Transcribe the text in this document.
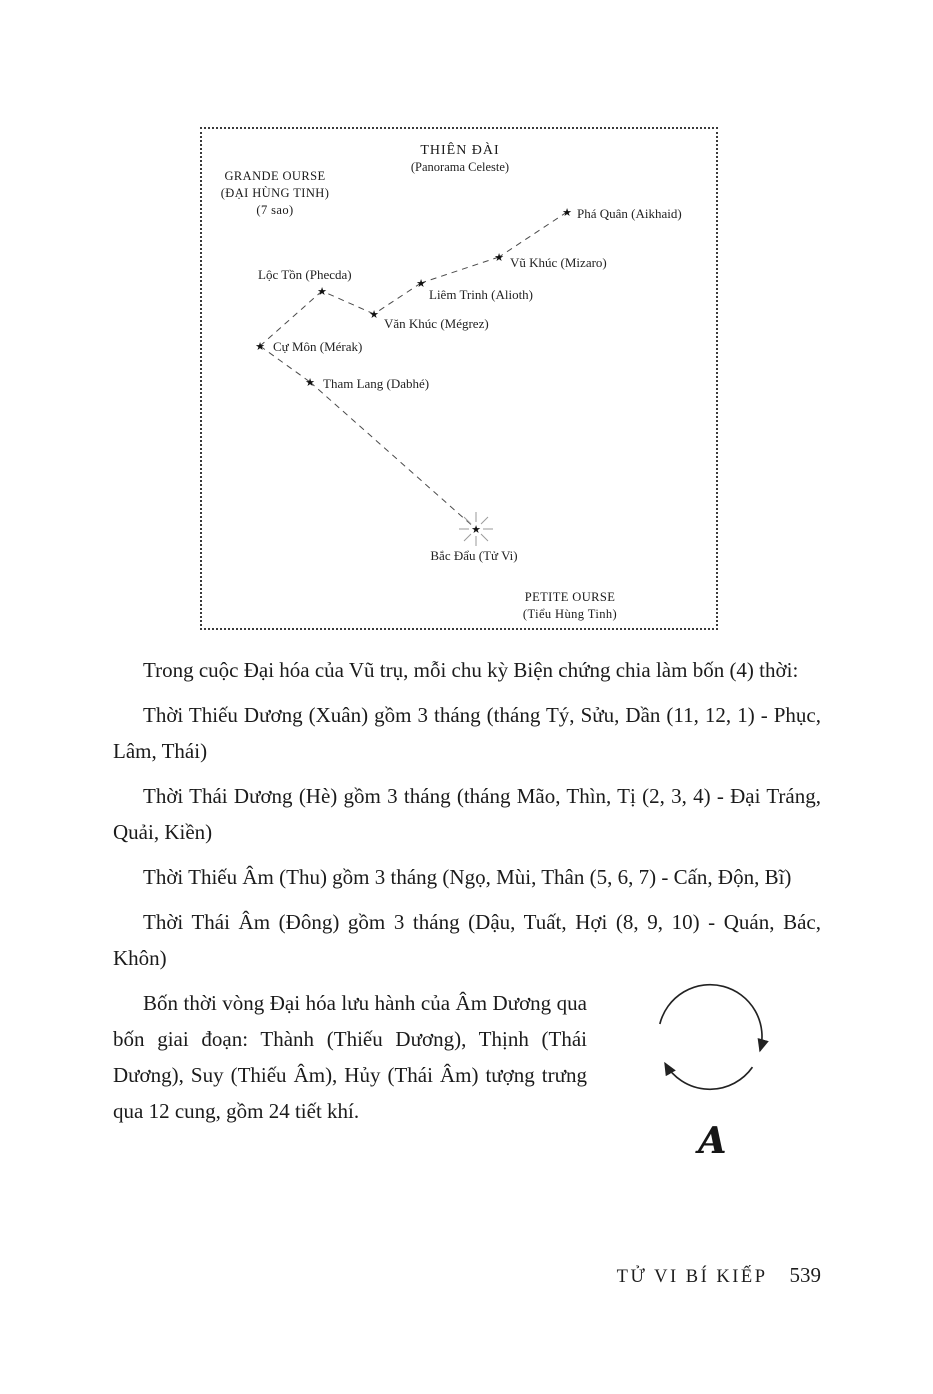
THIÊN ĐÀI
(Panorama Celeste)
GRANDE OURSE
(ĐẠI HÙNG TINH)
(7 sao)
PETITE OURSE
(Tiểu Hùng Tinh)
★
★
★
★
★
★
★
★
Phá Quân (Aikhaid)
Vũ Khúc (Mizaro)
Liêm Trinh (Alioth)
Lộc Tồn (Phecda)
Văn Khúc (Mégrez)
Cự Môn (Mérak)
Tham Lang (Dabhé)
Bắc Đẩu (Tử Vi)

Trong cuộc Đại hóa của Vũ trụ, mỗi chu kỳ Biện chứng chia làm bốn (4) thời:

Thời Thiếu Dương (Xuân) gồm 3 tháng (tháng Tý, Sửu, Dần (11, 12, 1) - Phục, Lâm, Thái)

Thời Thái Dương (Hè) gồm 3 tháng (tháng Mão, Thìn, Tị (2, 3, 4) - Đại Tráng, Quải, Kiền)

Thời Thiếu Âm (Thu) gồm 3 tháng (Ngọ, Mùi, Thân (5, 6, 7) - Cấn, Độn, Bĩ)

Thời Thái Âm (Đông) gồm 3 tháng (Dậu, Tuất, Hợi (8, 9, 10) - Quán, Bác, Khôn)

A

Bốn thời vòng Đại hóa lưu hành của Âm Dương qua bốn giai đoạn: Thành (Thiếu Dương), Thịnh (Thái Dương), Suy (Thiếu Âm), Hủy (Thái Âm) tượng trưng qua 12 cung, gồm 24 tiết khí.

TỬ VI BÍ KIẾP 539
